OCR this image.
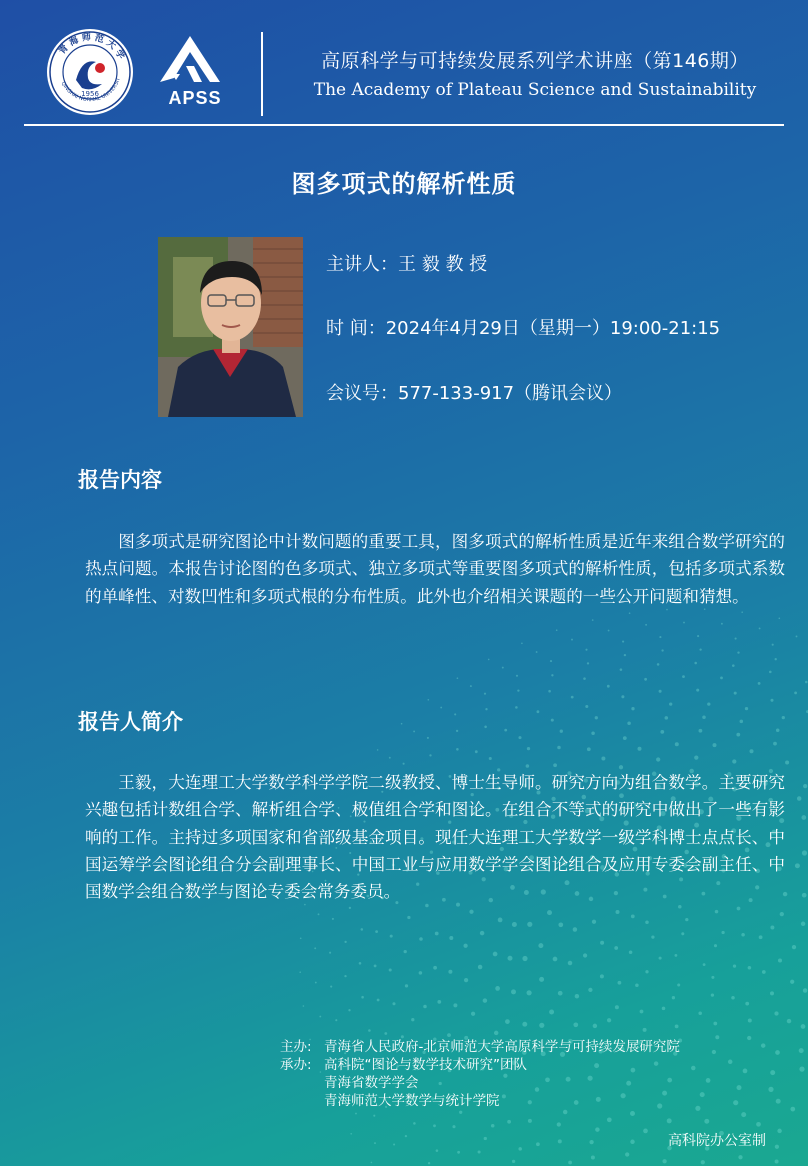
青 海 师 范 大 学
1956
QINGHAI NORMAL UNIVERSIT
APSS
高原科学与可持续发展系列学术讲座（第146期）
The Academy of Plateau Science and Sustainability
图多项式的解析性质
主讲人：王 毅 教 授
时 间：2024年4月29日（星期一）19:00-21:15
会议号：577-133-917（腾讯会议）
报告内容
图多项式是研究图论中计数问题的重要工具，图多项式的解析性质是近年来组合数学研究的热点问题。本报告讨论图的色多项式、独立多项式等重要图多项式的解析性质，包括多项式系数的单峰性、对数凹性和多项式根的分布性质。此外也介绍相关课题的一些公开问题和猜想。
报告人简介
王毅，大连理工大学数学科学学院二级教授、博士生导师。研究方向为组合数学。主要研究兴趣包括计数组合学、解析组合学、极值组合学和图论。在组合不等式的研究中做出了一些有影响的工作。主持过多项国家和省部级基金项目。现任大连理工大学数学一级学科博士点点长、中国运筹学会图论组合分会副理事长、中国工业与应用数学学会图论组合及应用专委会副主任、中国数学会组合数学与图论专委会常务委员。
主办: 青海省人民政府-北京师范大学高原科学与可持续发展研究院
承办: 高科院“图论与数学技术研究”团队
青海省数学学会
青海师范大学数学与统计学院
高科院办公室制
